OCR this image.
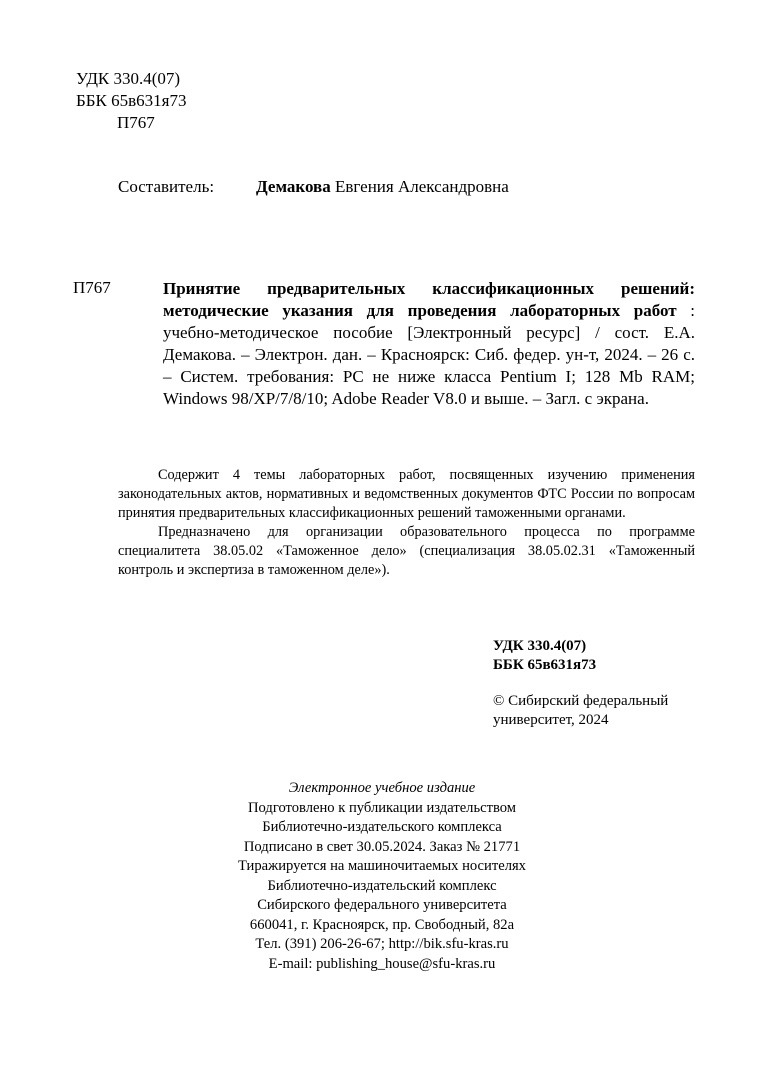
УДК 330.4(07)
ББК 65в631я73
П767
Составитель: Демакова Евгения Александровна
П767	Принятие предварительных классификационных решений: методические указания для проведения лабораторных работ : учебно-методическое пособие [Электронный ресурс] / сост. Е.А. Демакова. – Электрон. дан. – Красноярск: Сиб. федер. ун-т, 2024. – 26 с. – Систем. требования: PC не ниже класса Pentium I; 128 Mb RAM; Windows 98/XP/7/8/10; Adobe Reader V8.0 и выше. – Загл. с экрана.

Содержит 4 темы лабораторных работ, посвященных изучению применения законодательных актов, нормативных и ведомственных документов ФТС России по вопросам принятия предварительных классификационных решений таможенными органами.

Предназначено для организации образовательного процесса по программе специалитета 38.05.02 «Таможенное дело» (специализация 38.05.02.31 «Таможенный контроль и экспертиза в таможенном деле»).

УДК 330.4(07)
ББК 65в631я73
© Сибирский федеральный университет, 2024
Электронное учебное издание
Подготовлено к публикации издательством
Библиотечно-издательского комплекса
Подписано в свет 30.05.2024. Заказ № 21771
Тиражируется на машиночитаемых носителях
Библиотечно-издательский комплекс
Сибирского федерального университета
660041, г. Красноярск, пр. Свободный, 82а
Тел. (391) 206-26-67; http://bik.sfu-kras.ru
E-mail: publishing_house@sfu-kras.ru
